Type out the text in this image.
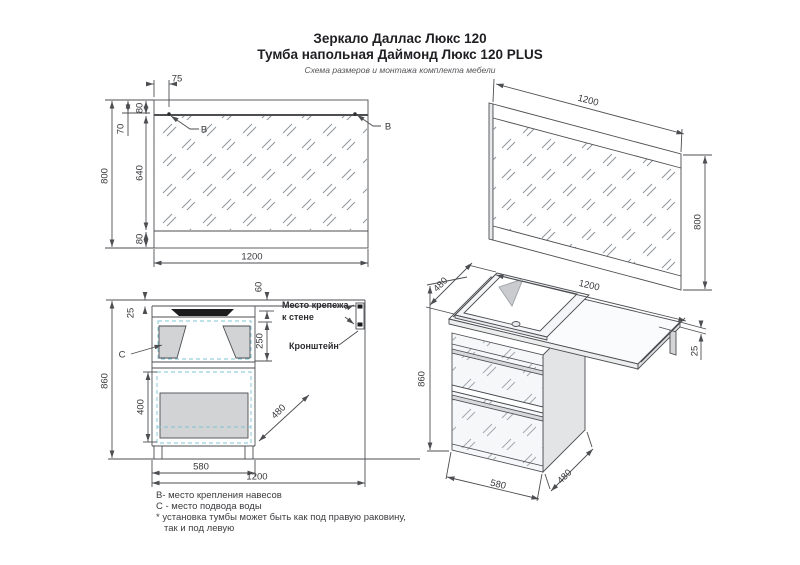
Зеркало Даллас Люкс 120
Тумба напольная Даймонд Люкс 120 PLUS
Схема размеров и монтажа комплекта мебели
75
80
70
800	640
80
1200
В	В
1200
800
60
25
250
400
860
580
1200
480
С
Место крепежа
к стене
Кронштейн
480	1200
25
860
580	480
В- место крепления навесов
С - место подвода воды
* установка тумбы может быть как под правую раковину,
так и под левую
